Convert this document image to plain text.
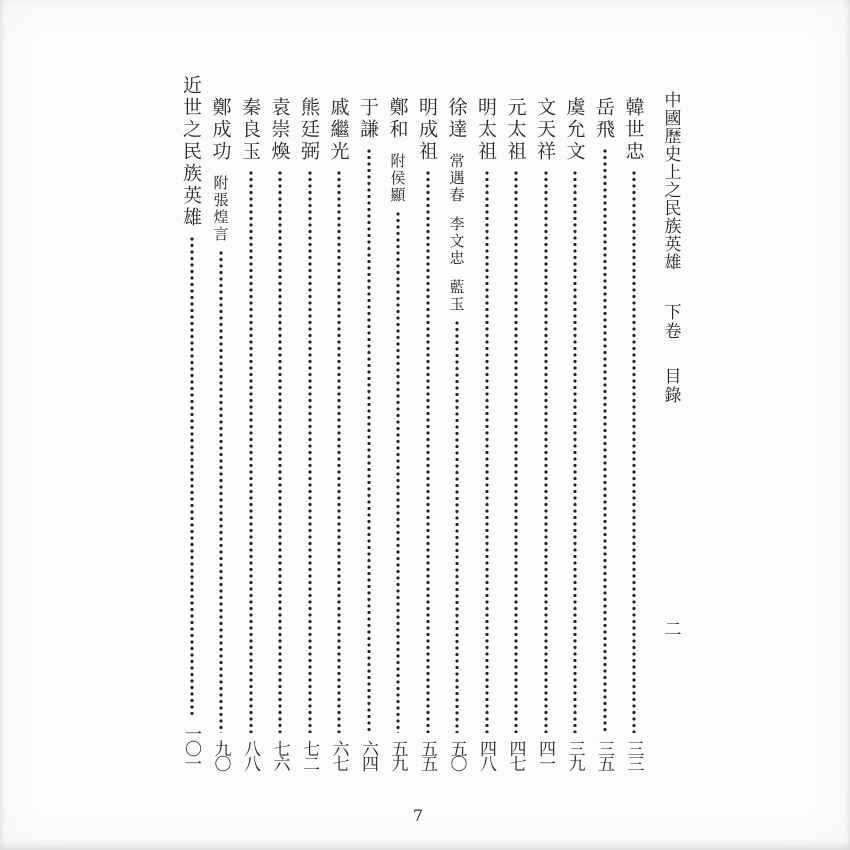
中國歷史上之民族英雄
下卷
目錄
二
韓世忠
三三
岳飛
三五
虞允文
三九
文天祥
四一
元太祖
四七
明太祖
四八
徐達
常遇春
李文忠
藍玉
五〇
明成祖
五五
鄭和
附侯顯
五九
于謙
六四
戚繼光
六七
熊廷弼
七二
袁崇煥
七六
秦良玉
八八
鄭成功
附張煌言
九〇
近世之民族英雄
一〇一
7
